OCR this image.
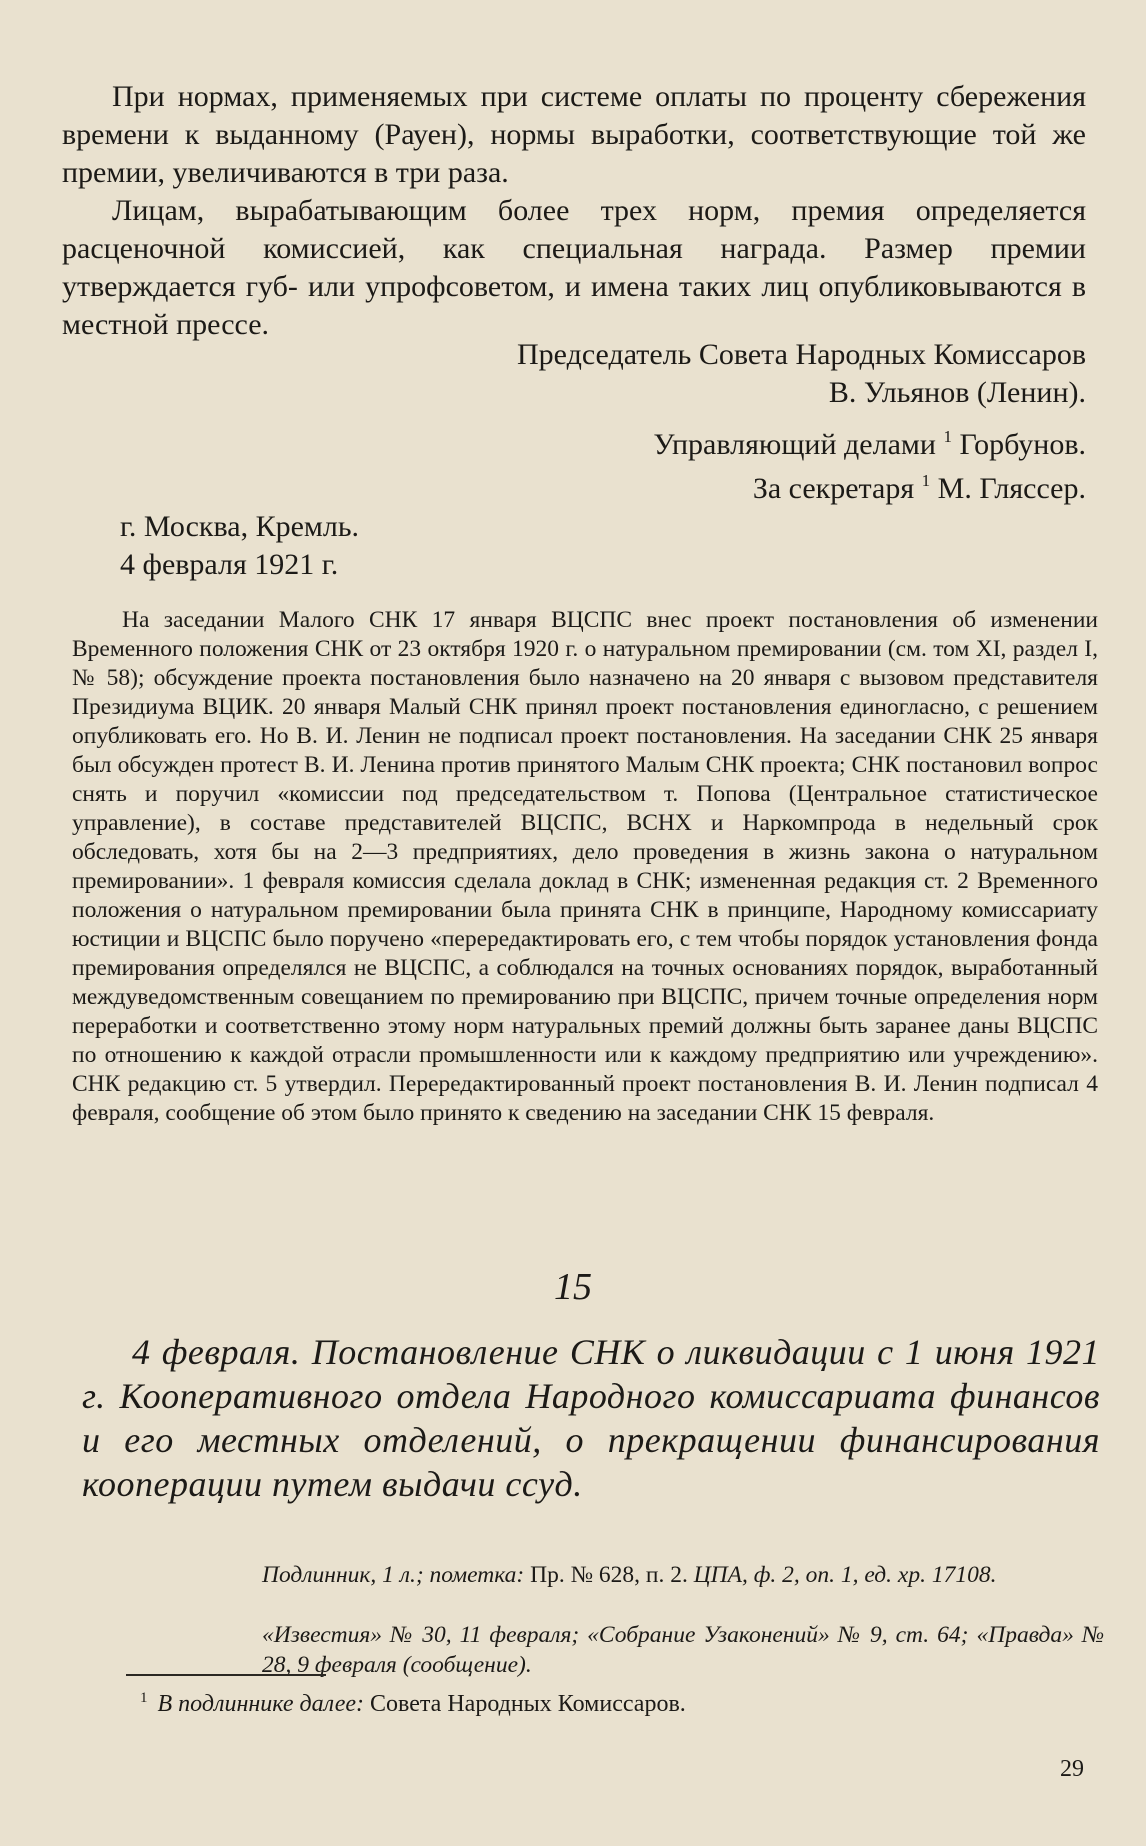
При нормах, применяемых при системе оплаты по проценту сбережения времени к выданному (Рауен), нормы выработки, соответствующие той же премии, увеличиваются в три раза.

Лицам, вырабатывающим более трех норм, премия определяется расценочной комиссией, как специальная награда. Размер премии утверждается губ- или упрофсоветом, и имена таких лиц опубликовываются в местной прессе.

Председатель Совета Народных Комиссаров

В. Ульянов (Ленин).

Управляющий делами $^1$ Горбунов.

За секретаря $^1$ М. Гляссер.

г. Москва, Кремль.

4 февраля 1921 г.

На заседании Малого СНК 17 января ВЦСПС внес проект постановления об изменении Временного положения СНК от 23 октября 1920 г. о натуральном премировании (см. том XI, раздел I, № 58); обсуждение проекта постановления было назначено на 20 января с вызовом представителя Президиума ВЦИК. 20 января Малый СНК принял проект постановления единогласно, с решением опубликовать его. Но В. И. Ленин не подписал проект постановления. На заседании СНК 25 января был обсужден протест В. И. Ленина против принятого Малым СНК проекта; СНК постановил вопрос снять и поручил «комиссии под председательством т. Попова (Центральное статистическое управление), в составе представителей ВЦСПС, ВСНХ и Наркомпрода в недельный срок обследовать, хотя бы на 2—3 предприятиях, дело проведения в жизнь закона о натуральном премировании». 1 февраля комиссия сделала доклад в СНК; измененная редакция ст. 2 Временного положения о натуральном премировании была принята СНК в принципе, Народному комиссариату юстиции и ВЦСПС было поручено «перередактировать его, с тем чтобы порядок установления фонда премирования определялся не ВЦСПС, а соблюдался на точных основаниях порядок, выработанный междуведомственным совещанием по премированию при ВЦСПС, причем точные определения норм переработки и соответственно этому норм натуральных премий должны быть заранее даны ВЦСПС по отношению к каждой отрасли промышленности или к каждому предприятию или учреждению». СНК редакцию ст. 5 утвердил. Перередактированный проект постановления В. И. Ленин подписал 4 февраля, сообщение об этом было принято к сведению на заседании СНК 15 февраля.

15

4 февраля. Постановление СНК о ликвидации с 1 июня 1921 г. Кооперативного отдела Народного комиссариата финансов и его местных отделений, о прекращении финансирования кооперации путем выдачи ссуд.

Подлинник, 1 л.; пометка: Пр. № 628, п. 2. ЦПА, ф. 2, оп. 1, ед. хр. 17108.

«Известия» № 30, 11 февраля; «Собрание Узаконений» № 9, ст. 64; «Правда» № 28, 9 февраля (сообщение).

$^1$ В подлиннике далее: Совета Народных Комиссаров.

29
